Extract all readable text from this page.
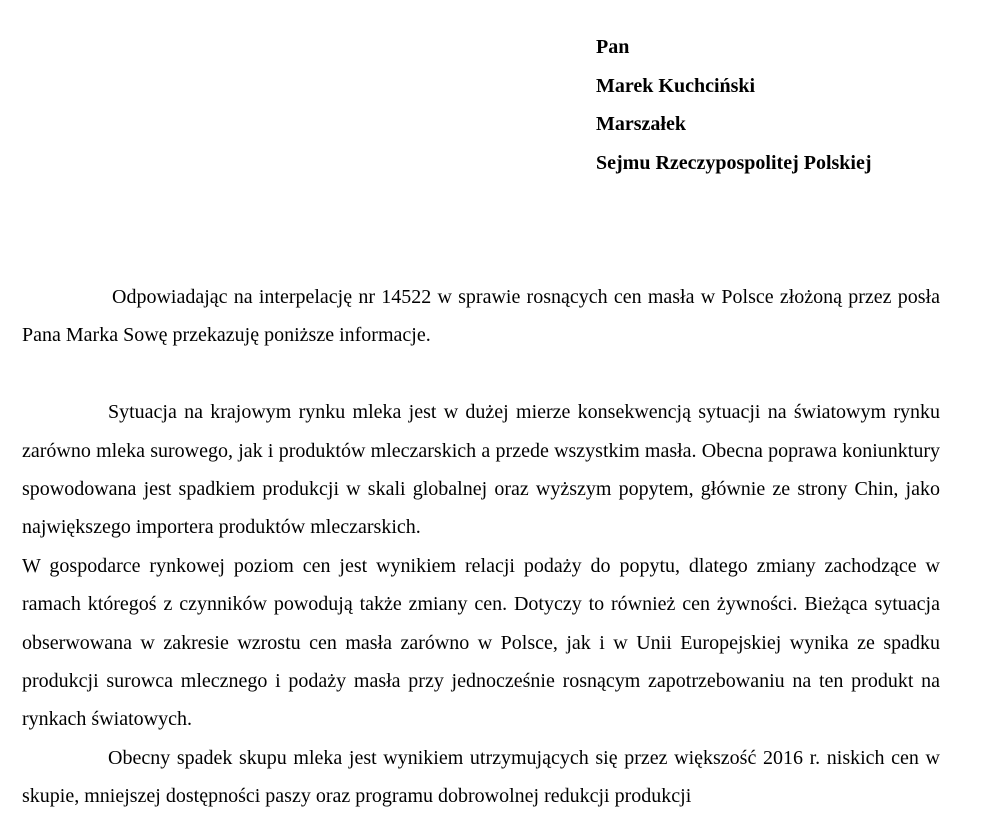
Pan
Marek Kuchciński
Marszałek
Sejmu Rzeczypospolitej Polskiej

Odpowiadając na interpelację nr 14522 w sprawie rosnących cen masła w Polsce złożoną przez posła Pana Marka Sowę przekazuję poniższe informacje.

Sytuacja na krajowym rynku mleka jest w dużej mierze konsekwencją sytuacji na światowym rynku zarówno mleka surowego, jak i produktów mleczarskich a przede wszystkim masła. Obecna poprawa koniunktury spowodowana jest spadkiem produkcji w skali globalnej oraz wyższym popytem, głównie ze strony Chin, jako największego importera produktów mleczarskich.

W gospodarce rynkowej poziom cen jest wynikiem relacji podaży do popytu, dlatego zmiany zachodzące w ramach któregoś z czynników powodują także zmiany cen. Dotyczy to również cen żywności. Bieżąca sytuacja obserwowana w zakresie wzrostu cen masła zarówno w Polsce, jak i w Unii Europejskiej wynika ze spadku produkcji surowca mlecznego i podaży masła przy jednocześnie rosnącym zapotrzebowaniu na ten produkt na rynkach światowych.

Obecny spadek skupu mleka jest wynikiem utrzymujących się przez większość 2016 r. niskich cen w skupie, mniejszej dostępności paszy oraz programu dobrowolnej redukcji produkcji
